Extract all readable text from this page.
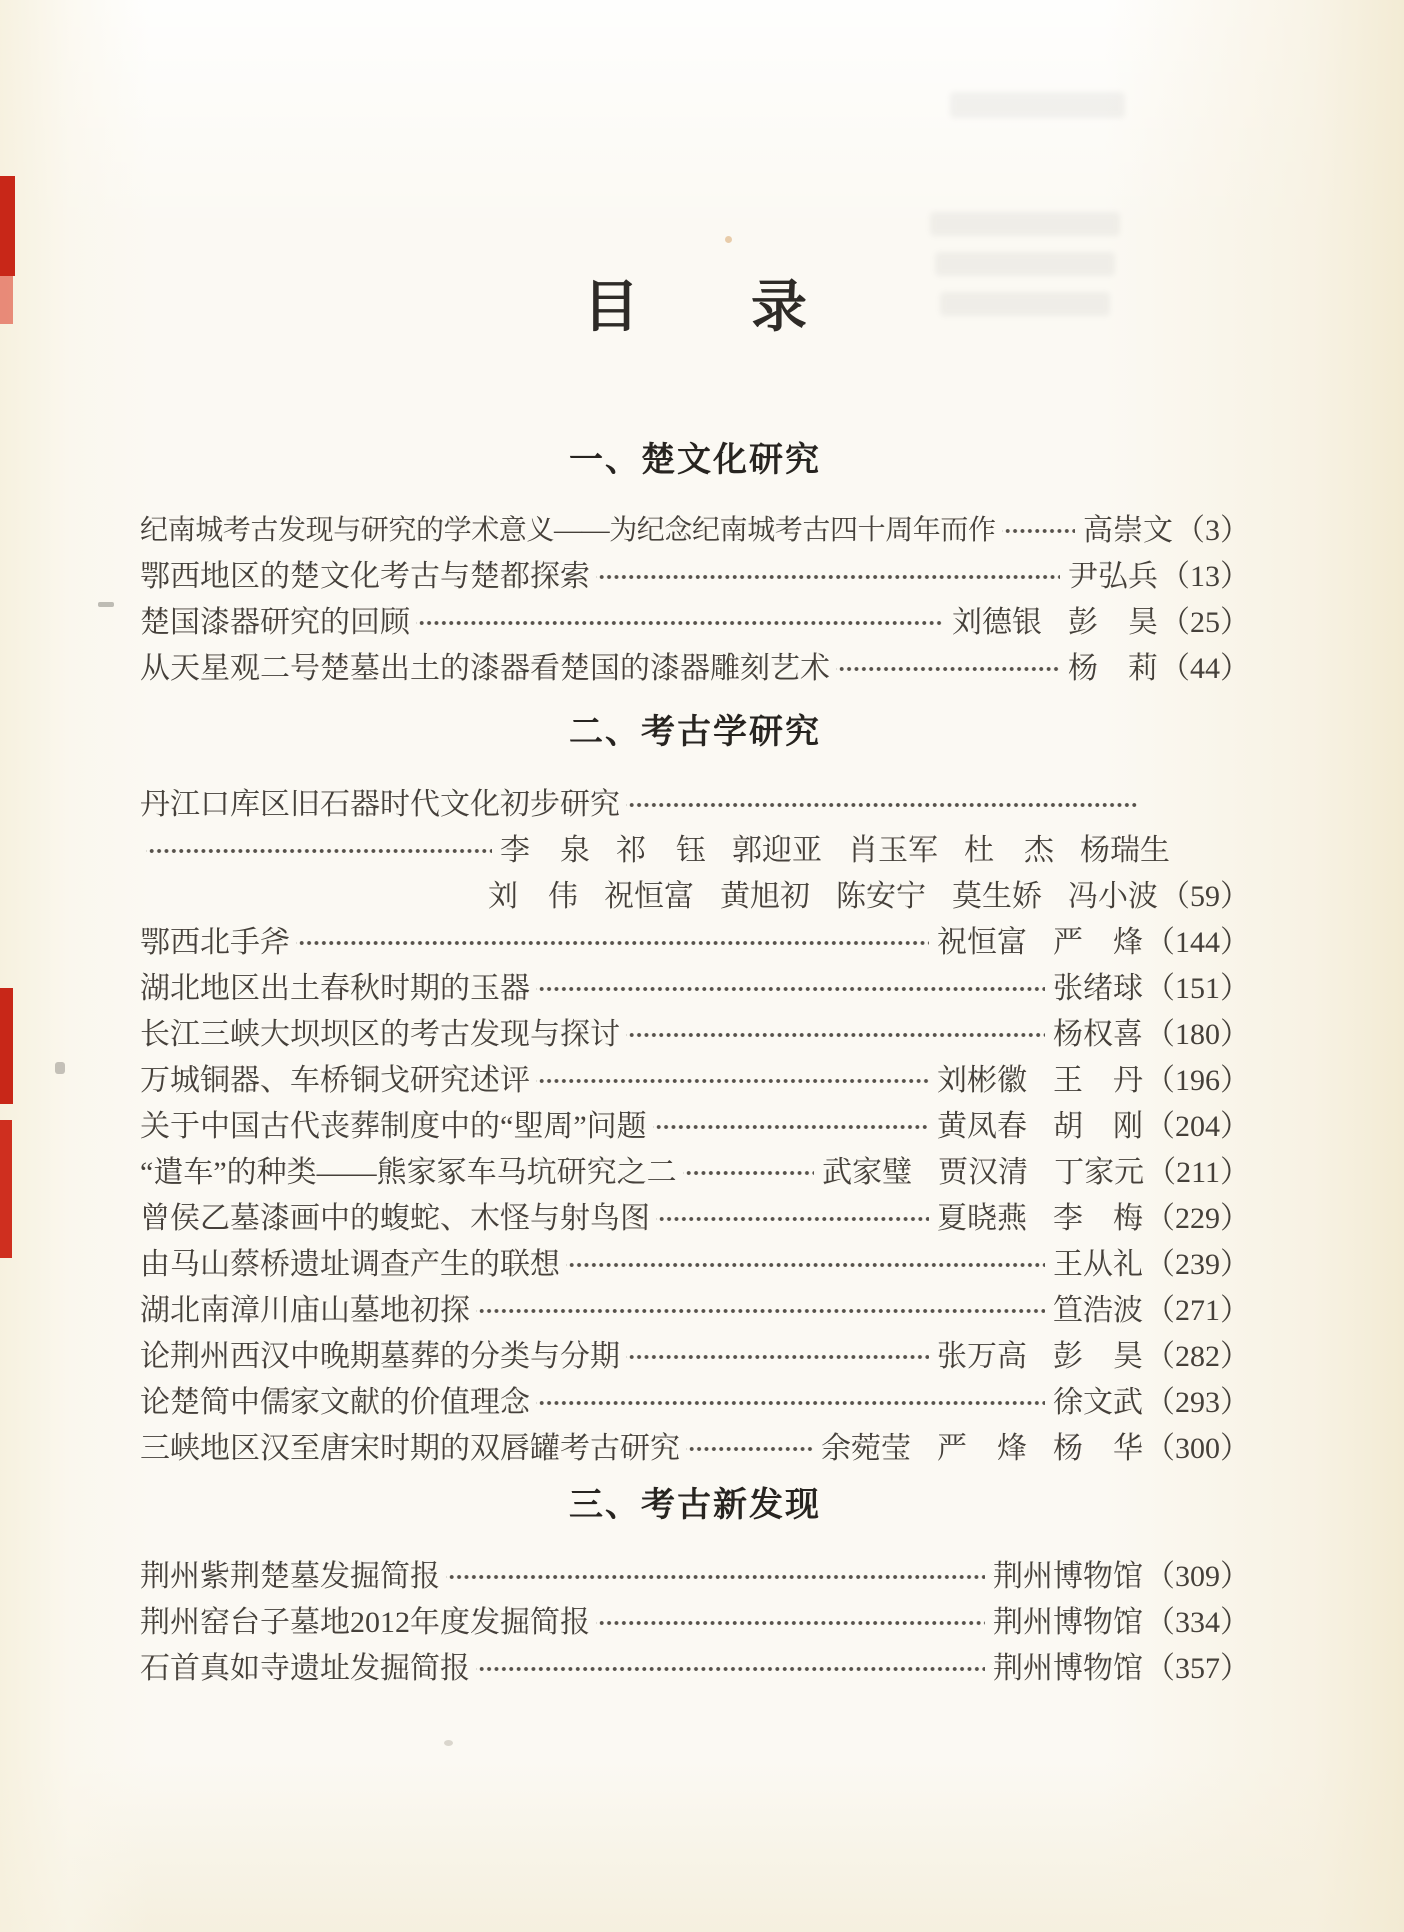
目　　录
一、楚文化研究
纪南城考古发现与研究的学术意义——为纪念纪南城考古四十周年而作	高崇文 （3）
鄂西地区的楚文化考古与楚都探索	尹弘兵 （13）
楚国漆器研究的回顾	刘德银 彭　昊 （25）
从天星观二号楚墓出土的漆器看楚国的漆器雕刻艺术	杨　莉 （44）
二、考古学研究
丹江口库区旧石器时代文化初步研究
李　泉 祁　钰 郭迎亚 肖玉军 杜　杰 杨瑞生
刘　伟 祝恒富 黄旭初 陈安宁 莫生娇 冯小波 （59）
鄂西北手斧	祝恒富 严　烽 （144）
湖北地区出土春秋时期的玉器	张绪球 （151）
长江三峡大坝坝区的考古发现与探讨	杨权喜 （180）
万城铜器、车桥铜戈研究述评	刘彬徽 王　丹 （196）
关于中国古代丧葬制度中的“堲周”问题	黄凤春 胡　刚 （204）
“遣车”的种类——熊家冢车马坑研究之二	武家璧 贾汉清 丁家元 （211）
曾侯乙墓漆画中的蝮蛇、木怪与射鸟图	夏晓燕 李　梅 （229）
由马山蔡桥遗址调查产生的联想	王从礼 （239）
湖北南漳川庙山墓地初探	笪浩波 （271）
论荆州西汉中晚期墓葬的分类与分期	张万高 彭　昊 （282）
论楚简中儒家文献的价值理念	徐文武 （293）
三峡地区汉至唐宋时期的双唇罐考古研究	余菀莹 严　烽 杨　华 （300）
三、考古新发现
荆州紫荆楚墓发掘简报	荆州博物馆 （309）
荆州窑台子墓地2012年度发掘简报	荆州博物馆 （334）
石首真如寺遗址发掘简报	荆州博物馆 （357）
